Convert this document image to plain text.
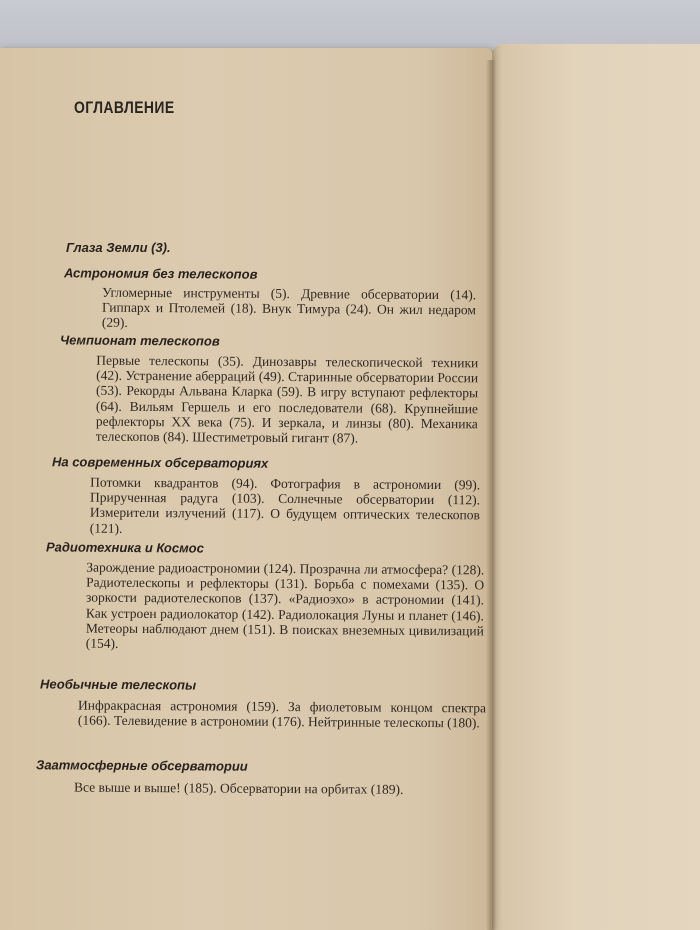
ОГЛАВЛЕНИЕ
Глаза Земли (3).
Астрономия без телескопов
Угломерные инструменты (5). Древние обсерватории (14). Гиппарх и Птолемей (18). Внук Тимура (24). Он жил недаром (29).
Чемпионат телескопов
Первые телескопы (35). Динозавры телескопической техники (42). Устранение аберраций (49). Старинные обсерватории России (53). Рекорды Альвана Кларка (59). В игру вступают рефлекторы (64). Вильям Гершель и его последователи (68). Крупнейшие рефлекторы XX века (75). И зеркала, и линзы (80). Механика телескопов (84). Шестиметровый гигант (87).
На современных обсерваториях
Потомки квадрантов (94). Фотография в астрономии (99). Прирученная радуга (103). Солнечные обсерватории (112). Измерители излучений (117). О будущем оптических телескопов (121).
Радиотехника и Космос
Зарождение радиоастрономии (124). Прозрачна ли атмосфера? (128). Радиотелескопы и рефлекторы (131). Борьба с помехами (135). О зоркости радиотелескопов (137). «Радиоэхо» в астрономии (141). Как устроен радиолокатор (142). Радиолокация Луны и планет (146). Метеоры наблюдают днем (151). В поисках внеземных цивилизаций (154).
Необычные телескопы
Инфракрасная астрономия (159). За фиолетовым концом спектра (166). Телевидение в астрономии (176). Нейтринные телескопы (180).
Заатмосферные обсерватории
Все выше и выше! (185). Обсерватории на орбитах (189).
